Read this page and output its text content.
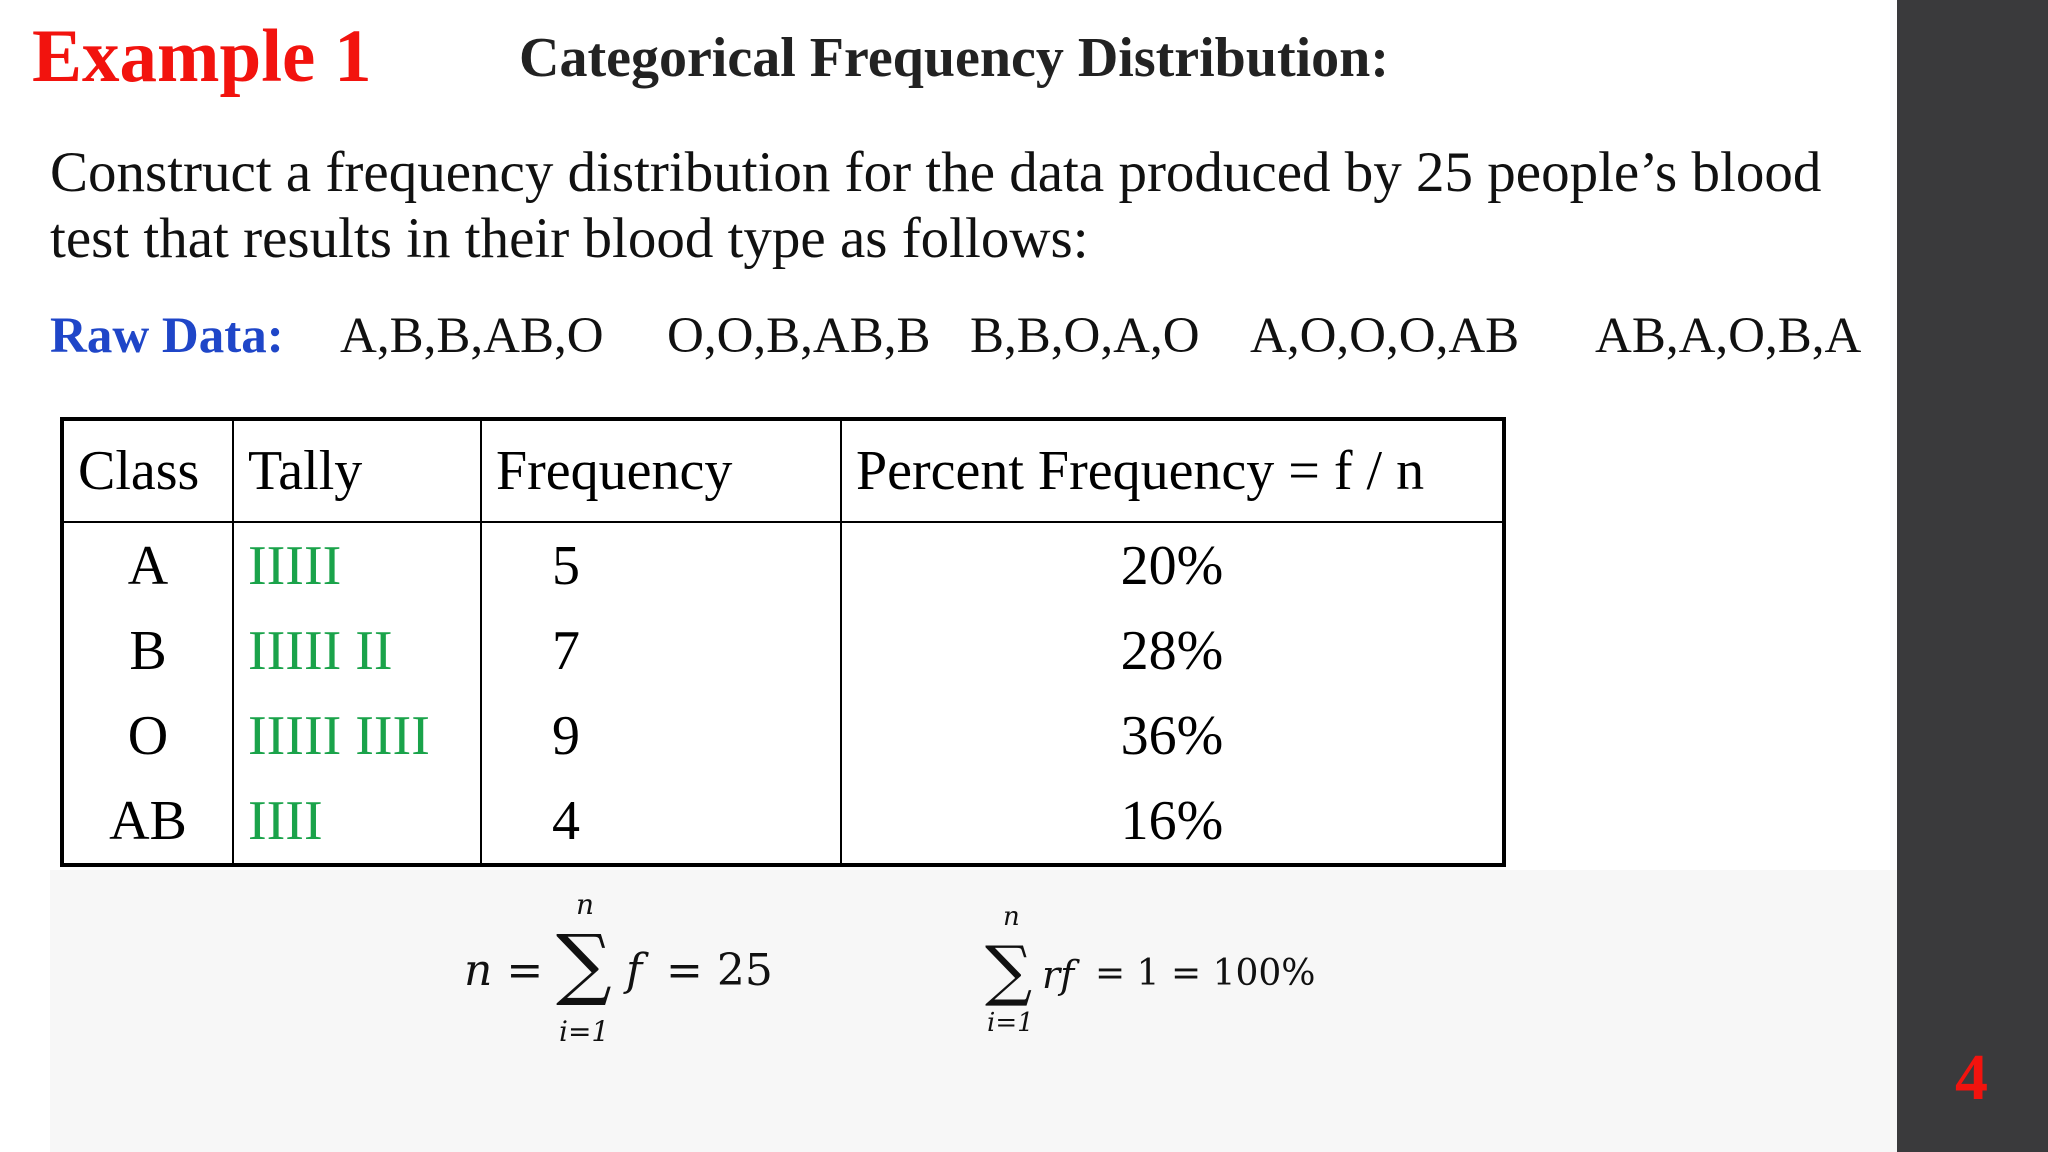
Example 1	Categorical Frequency Distribution:
Construct a frequency distribution for the data produced by 25 people’s blood test that results in their blood type as follows:
Raw Data: A,B,B,AB,O O,O,B,AB,B B,B,O,A,O A,O,O,O,AB AB,A,O,B,A
Class	Tally	Frequency	Percent Frequency = f / n
A	IIIII	5	20%
B	IIIII II	7	28%
O	IIIII IIII	9	36%
AB	IIII	4	16%
n =
n
∑
i=1
f = 25
n
∑
i=1
rf = 1 = 100%
4
